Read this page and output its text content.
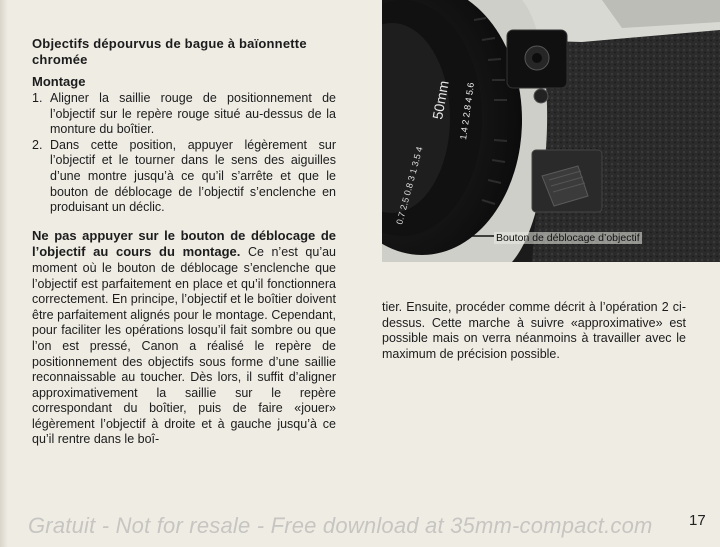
Objectifs dépourvus de bague à baïonnette chromée
Montage
1. Aligner la saillie rouge de positionnement de l’objectif sur le repère rouge situé au-dessus de la monture du boîtier.
2. Dans cette position, appuyer légèrement sur l’objectif et le tourner dans le sens des aiguilles d’une montre jusqu’à ce qu’il s’arrête et que le bouton de déblocage de l’objectif s’enclenche en produisant un déclic.
Ne pas appuyer sur le bouton de déblocage de l’objectif au cours du montage. Ce n’est qu’au moment où le bouton de déblocage s’enclenche que l’objectif est parfaitement en place et qu’il fonctionnera correctement. En principe, l’objectif et le boîtier doivent être parfaitement alignés pour le montage. Cependant, pour faciliter les opérations losqu’il fait sombre ou que l’on est pressé, Canon a réalisé le repère de positionnement des objectifs sous forme d’une saillie reconnaissable au toucher. Dès lors, il suffit d’aligner approximativement la saillie sur le repère correspondant du boîtier, puis de faire «jouer» légèrement l’objectif à droite et à gauche jusqu’à ce qu’il rentre dans le boî-
50mm 1.4 2 2.8 4 5.6
0.7 2.5 0.8 3 1 3.5 4
Bouton de déblocage d’objectif
tier. Ensuite, procéder comme décrit à l’opération 2 ci-dessus. Cette marche à suivre «approximative» est possible mais on verra néanmoins à travailler avec le maximum de précision possible.
Gratuit - Not for resale - Free download at 35mm-compact.com 17
